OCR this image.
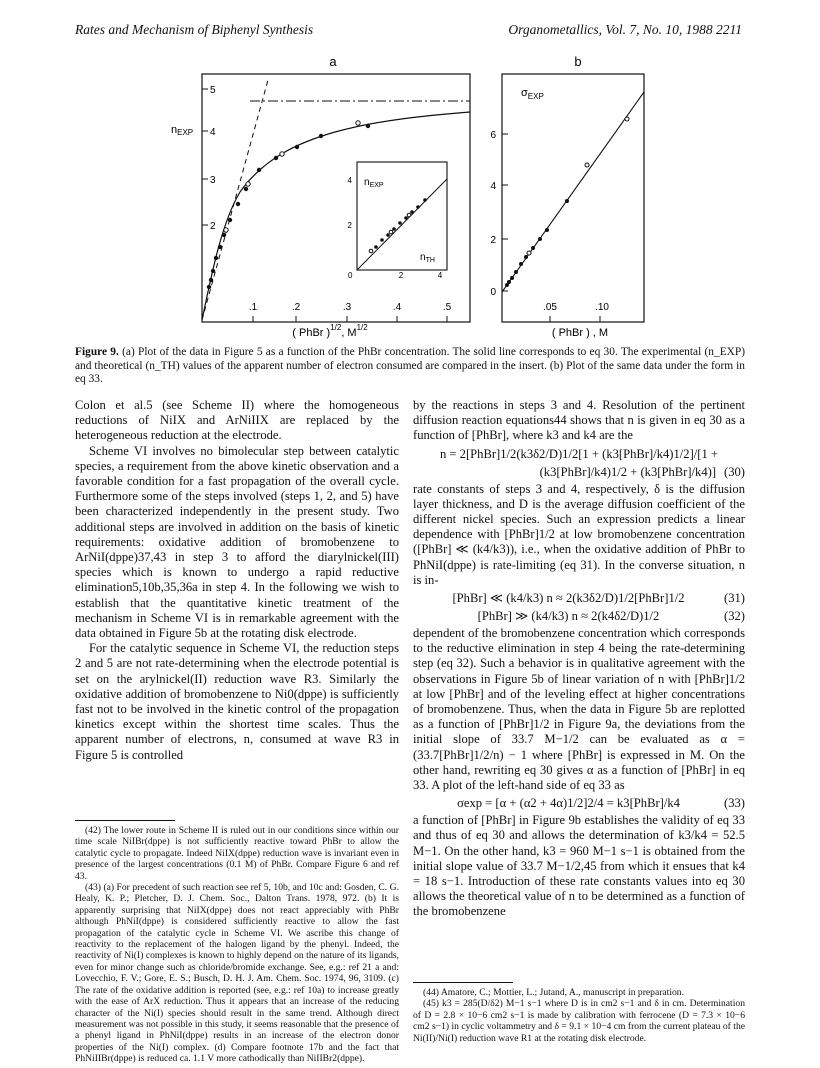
Rates and Mechanism of Biphenyl Synthesis	Organometallics, Vol. 7, No. 10, 1988 2211
a
5
4
3
2
nEXP
.1	.2	.3	.4	.5
4
2
0	2	4
$n_{EXP}$
$n_{TH}$
( PhBr )$^{1/2}$, $M^{1/2}$
b
$\sigma_{EXP}$
6
4
2
0
.05	.10
( PhBr ) , M
Figure 9. (a) Plot of the data in Figure 5 as a function of the PhBr concentration. The solid line corresponds to eq 30. The experimental (n_EXP) and theoretical (n_TH) values of the apparent number of electron consumed are compared in the insert. (b) Plot of the same data under the form in eq 33.

Colon et al.5 (see Scheme II) where the homogeneous reductions of NiIX and ArNiIIX are replaced by the heterogeneous reduction at the electrode.

Scheme VI involves no bimolecular step between catalytic species, a requirement from the above kinetic observation and a favorable condition for a fast propagation of the overall cycle. Furthermore some of the steps involved (steps 1, 2, and 5) have been characterized independently in the present study. Two additional steps are involved in addition on the basis of kinetic requirements: oxidative addition of bromobenzene to ArNiI(dppe)37,43 in step 3 to afford the diarylnickel(III) species which is known to undergo a rapid reductive elimination5,10b,35,36a in step 4. In the following we wish to establish that the quantitative kinetic treatment of the mechanism in Scheme VI is in remarkable agreement with the data obtained in Figure 5b at the rotating disk electrode.

For the catalytic sequence in Scheme VI, the reduction steps 2 and 5 are not rate-determining when the electrode potential is set on the arylnickel(II) reduction wave R3. Similarly the oxidative addition of bromobenzene to Ni0(dppe) is sufficiently fast not to be involved in the kinetic control of the propagation kinetics except within the shortest time scales. Thus the apparent number of electrons, n, consumed at wave R3 in Figure 5 is controlled

(42) The lower route in Scheme II is ruled out in our conditions since within our time scale NiIBr(dppe) is not sufficiently reactive toward PhBr to allow the catalytic cycle to propagate. Indeed NiIX(dppe) reduction wave is invariant even in presence of the largest concentrations (0.1 M) of PhBr. Compare Figure 6 and ref 43.

(43) (a) For precedent of such reaction see ref 5, 10b, and 10c and: Gosden, C. G. Healy, K. P.; Pletcher, D. J. Chem. Soc., Dalton Trans. 1978, 972. (b) It is apparently surprising that NiIX(dppe) does not react appreciably with PhBr although PhNiI(dppe) is considered sufficiently reactive to allow the fast propagation of the catalytic cycle in Scheme VI. We ascribe this change of reactivity to the replacement of the halogen ligand by the phenyl. Indeed, the reactivity of Ni(I) complexes is known to highly depend on the nature of its ligands, even for minor change such as chloride/bromide exchange. See, e.g.: ref 21 a and: Lovecchio, F. V.; Gore, E. S.; Busch, D. H. J. Am. Chem. Soc. 1974, 96, 3109. (c) The rate of the oxidative addition is reported (see, e.g.: ref 10a) to increase greatly with the ease of ArX reduction. Thus it appears that an increase of the reducing character of the Ni(I) species should result in the same trend. Although direct measurement was not possible in this study, it seems reasonable that the presence of a phenyl ligand in PhNiI(dppe) results in an increase of the electron donor properties of the Ni(I) complex. (d) Compare footnote 17b and the fact that PhNiIIBr(dppe) is reduced ca. 1.1 V more cathodically than NiIIBr2(dppe).

by the reactions in steps 3 and 4. Resolution of the pertinent diffusion reaction equations44 shows that n is given in eq 30 as a function of [PhBr], where k3 and k4 are the

n = 2[PhBr]1/2(k3δ2/D)1/2[1 + (k3[PhBr]/k4)1/2]/[1 +
(k3[PhBr]/k4)1/2 + (k3[PhBr]/k4)] (30)

rate constants of steps 3 and 4, respectively, δ is the diffusion layer thickness, and D is the average diffusion coefficient of the different nickel species. Such an expression predicts a linear dependence with [PhBr]1/2 at low bromobenzene concentration ([PhBr] ≪ (k4/k3)), i.e., when the oxidative addition of PhBr to PhNiI(dppe) is rate-limiting (eq 31). In the converse situation, n is in-

[PhBr] ≪ (k4/k3) n ≈ 2(k3δ2/D)1/2[PhBr]1/2	(31)
[PhBr] ≫ (k4/k3) n ≈ 2(k4δ2/D)1/2	(32)

dependent of the bromobenzene concentration which corresponds to the reductive elimination in step 4 being the rate-determining step (eq 32). Such a behavior is in qualitative agreement with the observations in Figure 5b of linear variation of n with [PhBr]1/2 at low [PhBr] and of the leveling effect at higher concentrations of bromobenzene. Thus, when the data in Figure 5b are replotted as a function of [PhBr]1/2 in Figure 9a, the deviations from the initial slope of 33.7 M−1/2 can be evaluated as α = (33.7[PhBr]1/2/n) − 1 where [PhBr] is expressed in M. On the other hand, rewriting eq 30 gives α as a function of [PhBr] in eq 33. A plot of the left-hand side of eq 33 as

σexp = [α + (α2 + 4α)1/2]2/4 = k3[PhBr]/k4	(33)

a function of [PhBr] in Figure 9b establishes the validity of eq 33 and thus of eq 30 and allows the determination of k3/k4 = 52.5 M−1. On the other hand, k3 = 960 M−1 s−1 is obtained from the initial slope value of 33.7 M−1/2,45 from which it ensues that k4 = 18 s−1. Introduction of these rate constants values into eq 30 allows the theoretical value of n to be determined as a function of the bromobenzene

(44) Amatore, C.; Mottier, L.; Jutand, A., manuscript in preparation.

(45) k3 = 285(D/δ2) M−1 s−1 where D is in cm2 s−1 and δ in cm. Determination of D = 2.8 × 10−6 cm2 s−1 is made by calibration with ferrocene (D = 7.3 × 10−6 cm2 s−1) in cyclic voltammetry and δ = 9.1 × 10−4 cm from the current plateau of the Ni(II)/Ni(I) reduction wave R1 at the rotating disk electrode.
